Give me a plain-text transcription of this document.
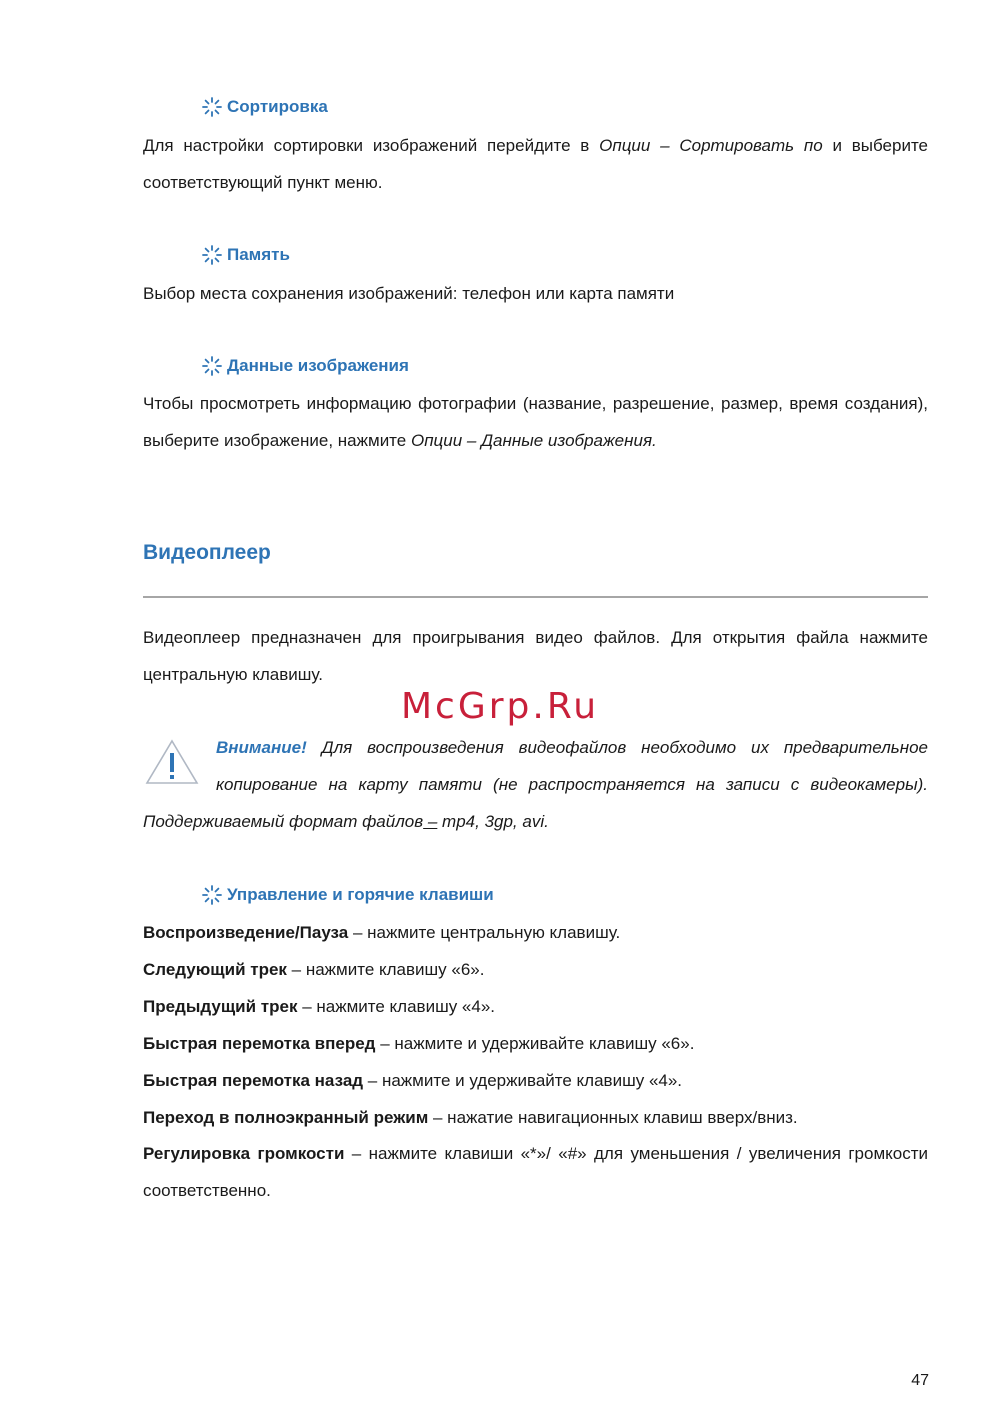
Сортировка
Для настройки сортировки изображений перейдите в Опции – Сортировать по и выберите соответствующий пункт меню.
Память
Выбор места сохранения изображений: телефон или карта памяти
Данные изображения
Чтобы просмотреть информацию фотографии (название, разрешение, размер, время создания), выберите изображение, нажмите Опции – Данные изображения.
Видеоплеер
Видеоплеер предназначен для проигрывания видео файлов. Для открытия файла нажмите центральную клавишу.
McGrp.Ru
Внимание! Для воспроизведения видеофайлов необходимо их предварительное
копирование на карту памяти (не распространяется на записи с видеокамеры).
Поддерживаемый формат файлов – mp4, 3gp, avi.
Управление и горячие клавиши
Воспроизведение/Пауза – нажмите центральную клавишу.
Следующий трек – нажмите клавишу «6».
Предыдущий трек – нажмите клавишу «4».
Быстрая перемотка вперед – нажмите и удерживайте клавишу «6».
Быстрая перемотка назад – нажмите и удерживайте клавишу «4».
Переход в полноэкранный режим – нажатие навигационных клавиш вверх/вниз.
Регулировка громкости – нажмите клавиши «*»/ «#» для уменьшения / увеличения громкости соответственно.
47
